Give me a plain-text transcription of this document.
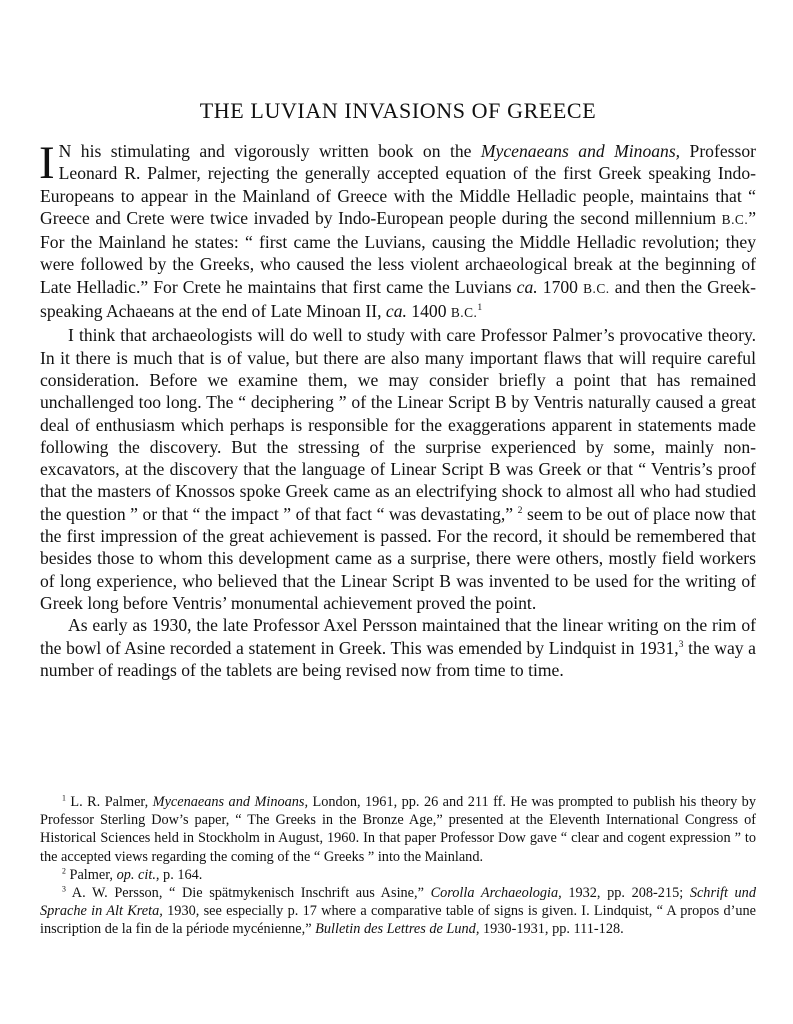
THE LUVIAN INVASIONS OF GREECE

I N his stimulating and vigorously written book on the Mycenaeans and Minoans, Professor Leonard R. Palmer, rejecting the generally accepted equation of the first Greek speaking Indo-Europeans to appear in the Mainland of Greece with the Middle Helladic people, maintains that “ Greece and Crete were twice invaded by Indo-European people during the second millennium B.C.” For the Mainland he states: “ first came the Luvians, causing the Middle Helladic revolution; they were followed by the Greeks, who caused the less violent archaeological break at the beginning of Late Helladic.” For Crete he maintains that first came the Luvians ca. 1700 B.C. and then the Greek-speaking Achaeans at the end of Late Minoan II, ca. 1400 B.C.$^1$

I think that archaeologists will do well to study with care Professor Palmer’s provocative theory. In it there is much that is of value, but there are also many important flaws that will require careful consideration. Before we examine them, we may consider briefly a point that has remained unchallenged too long. The “ deciphering ” of the Linear Script B by Ventris naturally caused a great deal of enthusiasm which perhaps is responsible for the exaggerations apparent in statements made following the discovery. But the stressing of the surprise experienced by some, mainly non-excavators, at the discovery that the language of Linear Script B was Greek or that “ Ventris’s proof that the masters of Knossos spoke Greek came as an electrifying shock to almost all who had studied the question ” or that “ the impact ” of that fact “ was devastating,” $^2$ seem to be out of place now that the first impression of the great achievement is passed. For the record, it should be remembered that besides those to whom this development came as a surprise, there were others, mostly field workers of long experience, who believed that the Linear Script B was invented to be used for the writing of Greek long before Ventris’ monumental achievement proved the point.

As early as 1930, the late Professor Axel Persson maintained that the linear writing on the rim of the bowl of Asine recorded a statement in Greek. This was emended by Lindquist in 1931,$^3$ the way a number of readings of the tablets are being revised now from time to time.

$^1$ L. R. Palmer, Mycenaeans and Minoans, London, 1961, pp. 26 and 211 ff. He was prompted to publish his theory by Professor Sterling Dow’s paper, “ The Greeks in the Bronze Age,” presented at the Eleventh International Congress of Historical Sciences held in Stockholm in August, 1960. In that paper Professor Dow gave “ clear and cogent expression ” to the accepted views regarding the coming of the “ Greeks ” into the Mainland.

$^2$ Palmer, op. cit., p. 164.

$^3$ A. W. Persson, “ Die spätmykenisch Inschrift aus Asine,” Corolla Archaeologia, 1932, pp. 208-215; Schrift und Sprache in Alt Kreta, 1930, see especially p. 17 where a comparative table of signs is given. I. Lindquist, “ A propos d’une inscription de la fin de la période mycénienne,” Bulletin des Lettres de Lund, 1930-1931, pp. 111-128.
